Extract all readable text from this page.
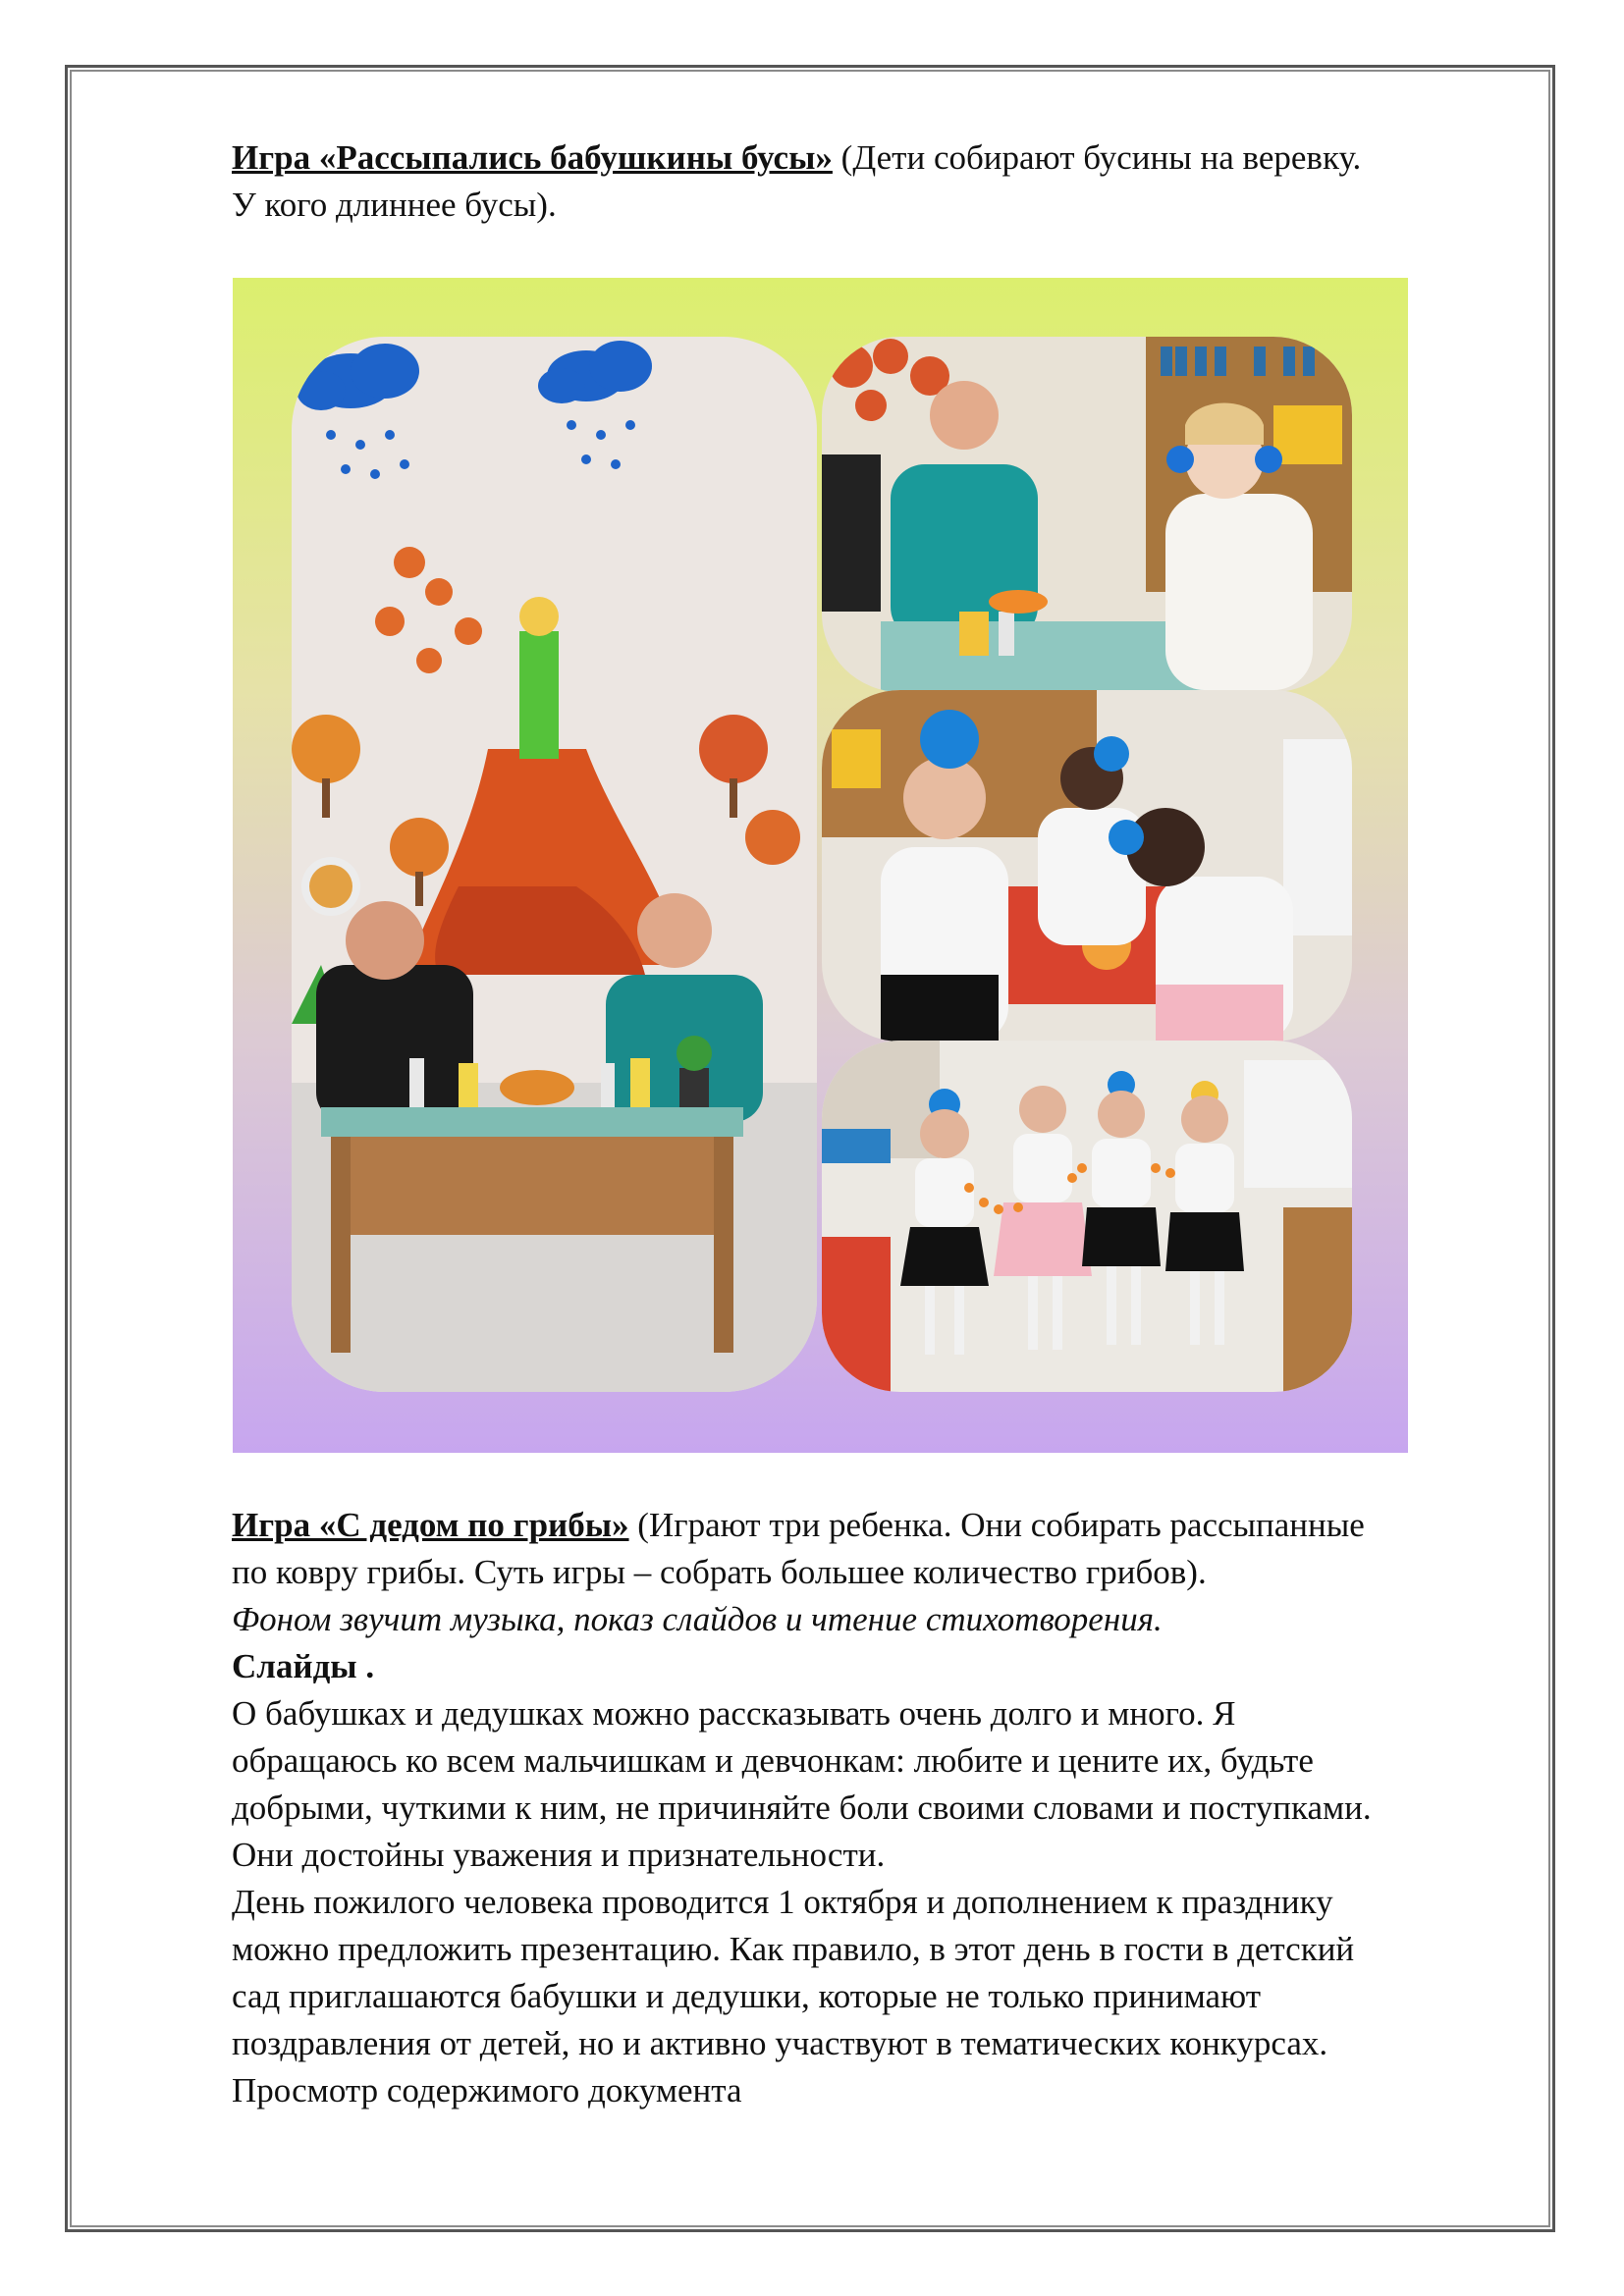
Игра «Рассыпались бабушкины бусы» (Дети собирают бусины на веревку.
У кого длиннее бусы).
Игра «С дедом по грибы» (Играют три ребенка. Они собирать рассыпанные
по ковру грибы. Суть игры – собрать большее количество грибов).
Фоном звучит музыка, показ слайдов и чтение стихотворения.
Слайды .
О бабушках и дедушках можно рассказывать очень долго и много. Я
обращаюсь ко всем мальчишкам и девчонкам: любите и цените их, будьте
добрыми, чуткими к ним, не причиняйте боли своими словами и поступками.
Они достойны уважения и признательности.
День пожилого человека проводится 1 октября и дополнением к празднику
можно предложить презентацию. Как правило, в этот день в гости в детский
сад приглашаются бабушки и дедушки, которые не только принимают
поздравления от детей, но и активно участвуют в тематических конкурсах.
Просмотр содержимого документа
